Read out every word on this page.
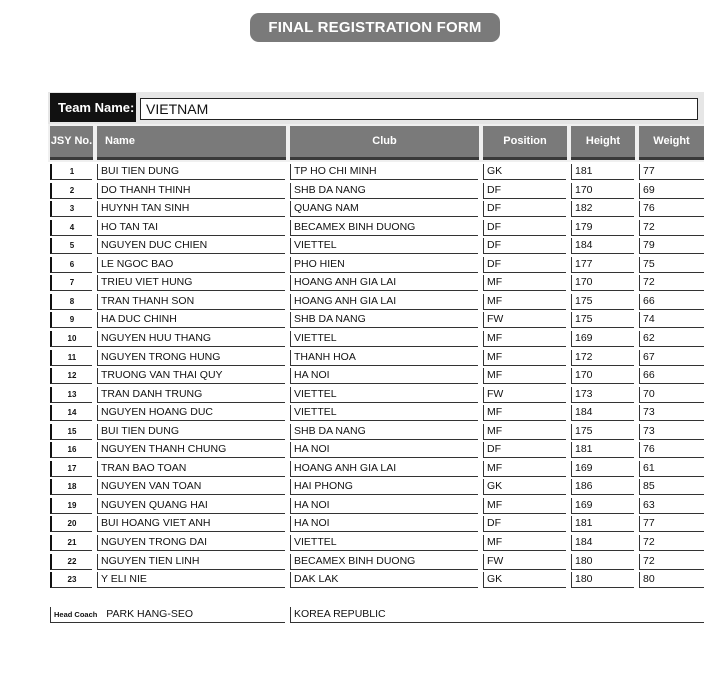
FINAL REGISTRATION FORM
Team Name: VIETNAM
JSY No.	Name	Club	Position	Height	Weight
1	BUI TIEN DUNG	TP HO CHI MINH	GK	181	77
2	DO THANH THINH	SHB DA NANG	DF	170	69
3	HUYNH TAN SINH	QUANG NAM	DF	182	76
4	HO TAN TAI	BECAMEX BINH DUONG	DF	179	72
5	NGUYEN DUC CHIEN	VIETTEL	DF	184	79
6	LE NGOC BAO	PHO HIEN	DF	177	75
7	TRIEU VIET HUNG	HOANG ANH GIA LAI	MF	170	72
8	TRAN THANH SON	HOANG ANH GIA LAI	MF	175	66
9	HA DUC CHINH	SHB DA NANG	FW	175	74
10	NGUYEN HUU THANG	VIETTEL	MF	169	62
11	NGUYEN TRONG HUNG	THANH HOA	MF	172	67
12	TRUONG VAN THAI QUY	HA NOI	MF	170	66
13	TRAN DANH TRUNG	VIETTEL	FW	173	70
14	NGUYEN HOANG DUC	VIETTEL	MF	184	73
15	BUI TIEN DUNG	SHB DA NANG	MF	175	73
16	NGUYEN THANH CHUNG	HA NOI	DF	181	76
17	TRAN BAO TOAN	HOANG ANH GIA LAI	MF	169	61
18	NGUYEN VAN TOAN	HAI PHONG	GK	186	85
19	NGUYEN QUANG HAI	HA NOI	MF	169	63
20	BUI HOANG VIET ANH	HA NOI	DF	181	77
21	NGUYEN TRONG DAI	VIETTEL	MF	184	72
22	NGUYEN TIEN LINH	BECAMEX BINH DUONG	FW	180	72
23	Y ELI NIE	DAK LAK	GK	180	80
Head Coach PARK HANG-SEO	KOREA REPUBLIC
